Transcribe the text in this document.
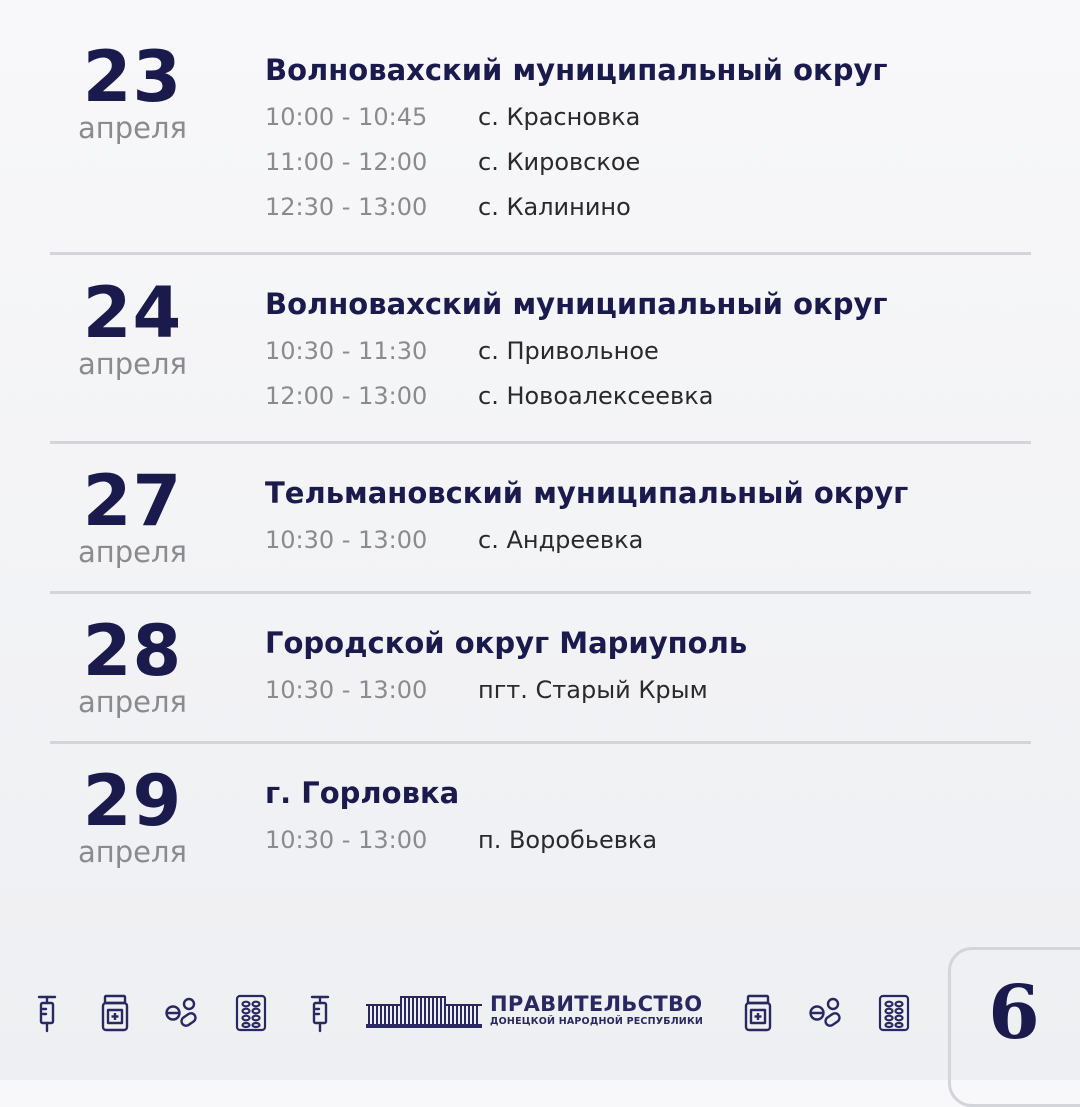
23
апреля
Волновахский муниципальный округ
10:00 - 10:45	с. Красновка
11:00 - 12:00	с. Кировское
12:30 - 13:00	с. Калинино
24
апреля
Волновахский муниципальный округ
10:30 - 11:30	с. Привольное
12:00 - 13:00	с. Новоалексеевка
27
апреля
Тельмановский муниципальный округ
10:30 - 13:00	с. Андреевка
28
апреля
Городской округ Мариуполь
10:30 - 13:00	пгт. Старый Крым
29
апреля
г. Горловка
10:30 - 13:00	п. Воробьевка
ПРАВИТЕЛЬСТВО
ДОНЕЦКОЙ НАРОДНОЙ РЕСПУБЛИКИ	6
